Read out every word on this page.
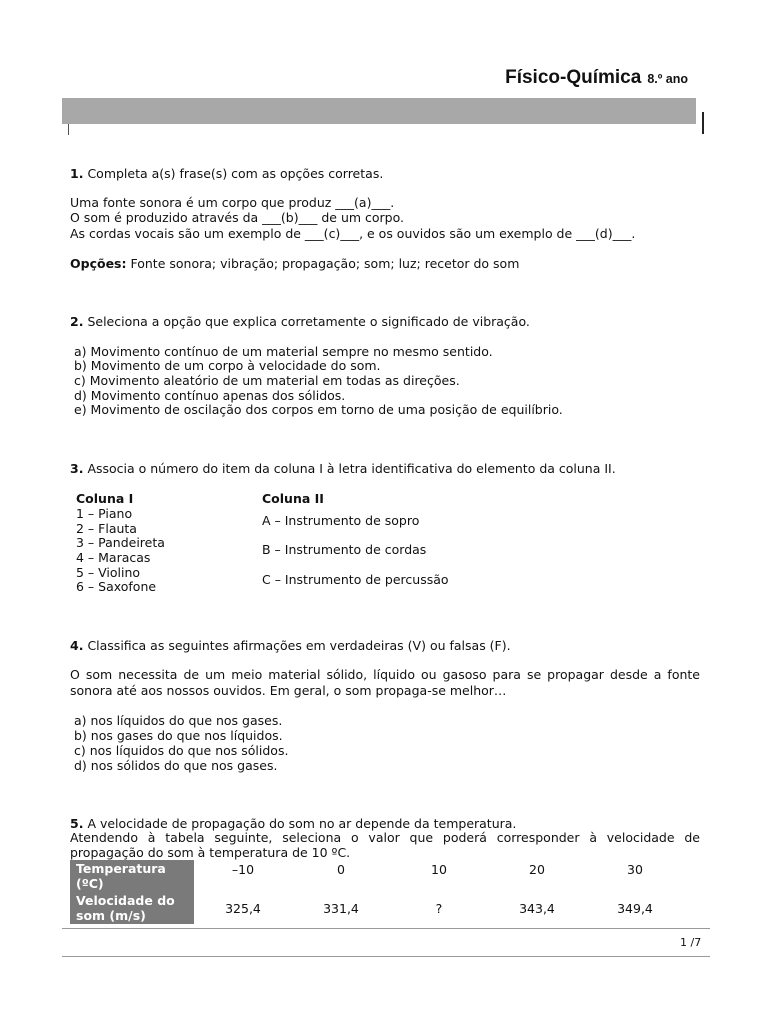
Físico-Química 8.º ano
1. Completa a(s) frase(s) com as opções corretas.
Uma fonte sonora é um corpo que produz ___(a)___.
O som é produzido através da ___(b)___ de um corpo.
As cordas vocais são um exemplo de ___(c)___, e os ouvidos são um exemplo de ___(d)___.
Opções: Fonte sonora; vibração; propagação; som; luz; recetor do som
2. Seleciona a opção que explica corretamente o significado de vibração.
a) Movimento contínuo de um material sempre no mesmo sentido.
b) Movimento de um corpo à velocidade do som.
c) Movimento aleatório de um material em todas as direções.
d) Movimento contínuo apenas dos sólidos.
e) Movimento de oscilação dos corpos em torno de uma posição de equilíbrio.
3. Associa o número do item da coluna I à letra identificativa do elemento da coluna II.
Coluna I
1 – Piano
2 – Flauta
3 – Pandeireta
4 – Maracas
5 – Violino
6 – Saxofone
Coluna II
A – Instrumento de sopro
B – Instrumento de cordas
C – Instrumento de percussão
4. Classifica as seguintes afirmações em verdadeiras (V) ou falsas (F).
O som necessita de um meio material sólido, líquido ou gasoso para se propagar desde a fonte sonora até aos nossos ouvidos. Em geral, o som propaga-se melhor…
a) nos líquidos do que nos gases.
b) nos gases do que nos líquidos.
c) nos líquidos do que nos sólidos.
d) nos sólidos do que nos gases.
5. A velocidade de propagação do som no ar depende da temperatura.
Atendendo à tabela seguinte, seleciona o valor que poderá corresponder à velocidade de propagação do som à temperatura de 10 ºC.
Temperatura (ºC)	–10	0	10	20	30
Velocidade do som (m/s)	325,4	331,4	?	343,4	349,4
1 /7
